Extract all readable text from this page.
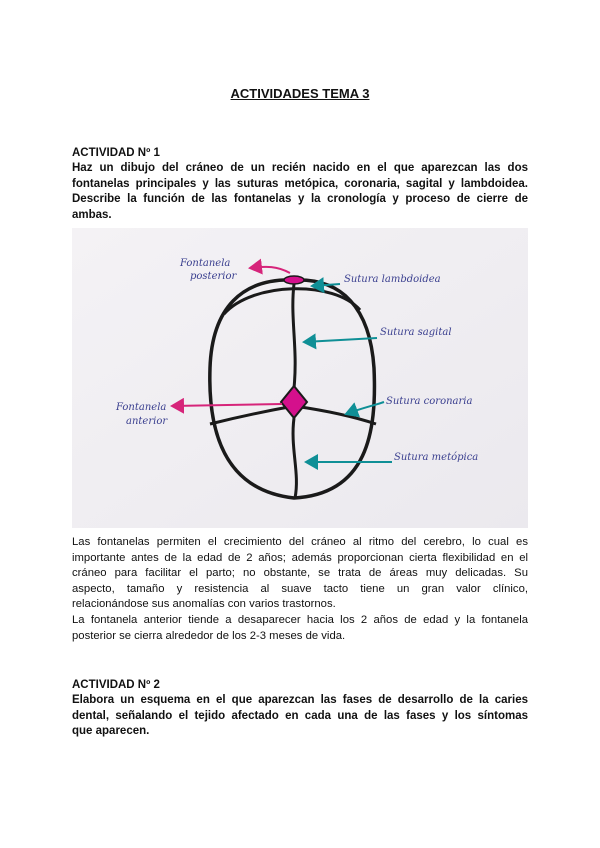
ACTIVIDADES TEMA 3
ACTIVIDAD Nº 1
Haz un dibujo del cráneo de un recién nacido en el que aparezcan las dos
fontanelas principales y las suturas metópica, coronaria, sagital y lambdoidea.
Describe la función de las fontanelas y la cronología y proceso de cierre de
ambas.
Fontanela
posterior	Sutura lambdoidea
Sutura sagital
Fontanela
anterior
Sutura coronaria
Sutura metópica
Las fontanelas permiten el crecimiento del cráneo al ritmo del cerebro, lo cual es
importante antes de la edad de 2 años; además proporcionan cierta flexibilidad en el
cráneo para facilitar el parto; no obstante, se trata de áreas muy delicadas. Su
aspecto, tamaño y resistencia al suave tacto tiene un gran valor clínico,
relacionándose sus anomalías con varios trastornos.
La fontanela anterior tiende a desaparecer hacia los 2 años de edad y la fontanela
posterior se cierra alrededor de los 2-3 meses de vida.
ACTIVIDAD Nº 2
Elabora un esquema en el que aparezcan las fases de desarrollo de la caries
dental, señalando el tejido afectado en cada una de las fases y los síntomas
que aparecen.
